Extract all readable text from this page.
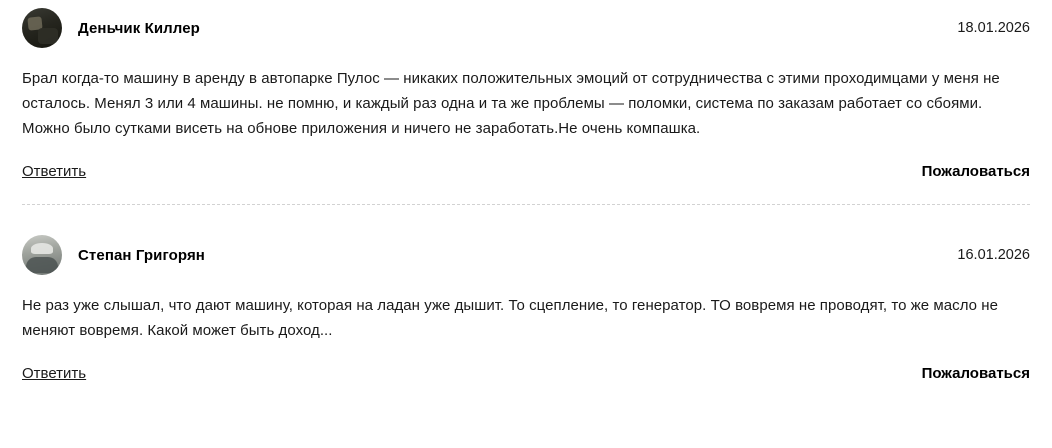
Деньчик Киллер	18.01.2026
Брал когда-то машину в аренду в автопарке Пулос — никаких положительных эмоций от сотрудничества с этими проходимцами у меня не осталось. Менял 3 или 4 машины. не помню, и каждый раз одна и та же проблемы — поломки, система по заказам работает со сбоями. Можно было сутками висеть на обнове приложения и ничего не заработать.Не очень компашка.
Ответить	Пожаловаться
Степан Григорян	16.01.2026
Не раз уже слышал, что дают машину, которая на ладан уже дышит. То сцепление, то генератор. ТО вовремя не проводят, то же масло не меняют вовремя. Какой может быть доход...
Ответить	Пожаловаться
